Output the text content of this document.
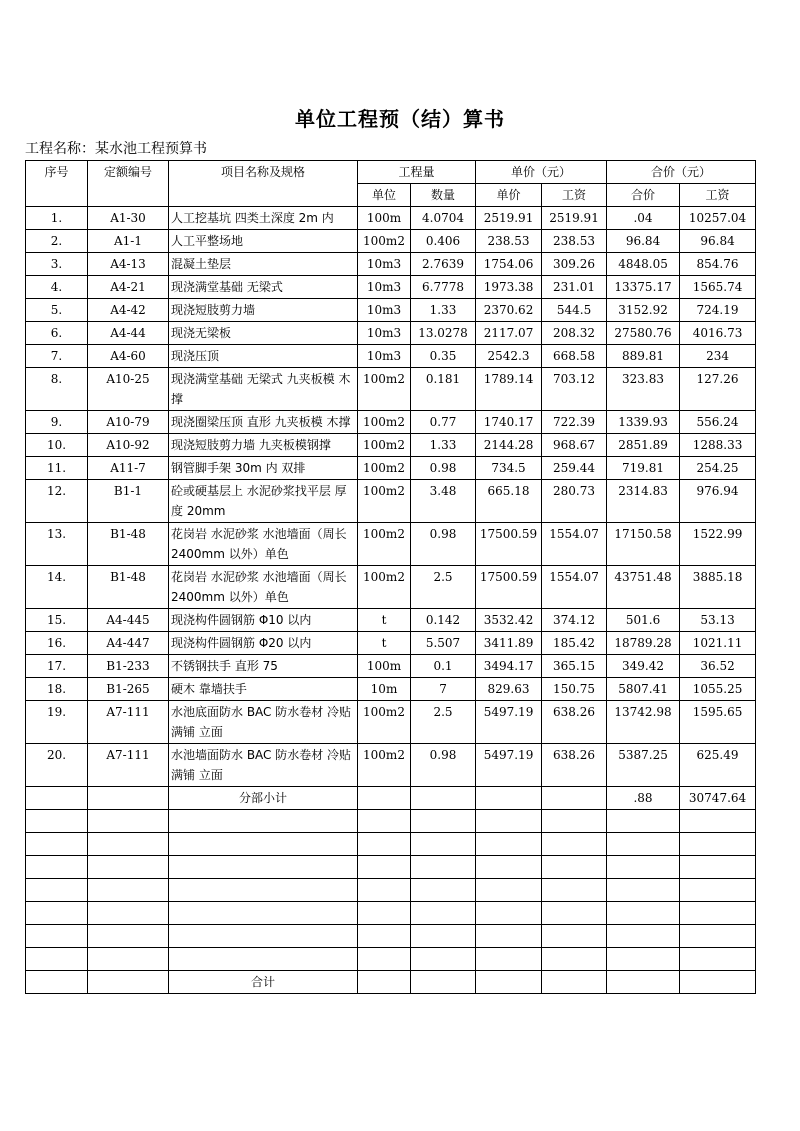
单位工程预（结）算书
工程名称：某水池工程预算书
序号	定额编号	项目名称及规格	工程量		单价（元）		合价（元）	
			单位	数量	单价	工资	合价	工资
1.	A1-30	人工挖基坑 四类土深度 2m 内	100m	4.0704	2519.91	2519.91	.04	10257.04
2.	A1-1	人工平整场地	100m2	0.406	238.53	238.53	96.84	96.84
3.	A4-13	混凝土垫层	10m3	2.7639	1754.06	309.26	4848.05	854.76
4.	A4-21	现浇满堂基础 无梁式	10m3	6.7778	1973.38	231.01	13375.17	1565.74
5.	A4-42	现浇短肢剪力墙	10m3	1.33	2370.62	544.5	3152.92	724.19
6.	A4-44	现浇无梁板	10m3	13.0278	2117.07	208.32	27580.76	4016.73
7.	A4-60	现浇压顶	10m3	0.35	2542.3	668.58	889.81	234
8.	A10-25	现浇满堂基础 无梁式 九夹板模 木撑	100m2	0.181	1789.14	703.12	323.83	127.26
9.	A10-79	现浇圈梁压顶 直形 九夹板模 木撑	100m2	0.77	1740.17	722.39	1339.93	556.24
10.	A10-92	现浇短肢剪力墙 九夹板模钢撑	100m2	1.33	2144.28	968.67	2851.89	1288.33
11.	A11-7	钢管脚手架 30m 内 双排	100m2	0.98	734.5	259.44	719.81	254.25
12.	B1-1	砼或硬基层上 水泥砂浆找平层 厚度 20mm	100m2	3.48	665.18	280.73	2314.83	976.94
13.	B1-48	花岗岩 水泥砂浆 水池墙面（周长 2400mm 以外）单色	100m2	0.98	17500.59	1554.07	17150.58	1522.99
14.	B1-48	花岗岩 水泥砂浆 水池墙面（周长 2400mm 以外）单色	100m2	2.5	17500.59	1554.07	43751.48	3885.18
15.	A4-445	现浇构件圆钢筋 Φ10 以内	t	0.142	3532.42	374.12	501.6	53.13
16.	A4-447	现浇构件圆钢筋 Φ20 以内	t	5.507	3411.89	185.42	18789.28	1021.11
17.	B1-233	不锈钢扶手 直形 75	100m	0.1	3494.17	365.15	349.42	36.52
18.	B1-265	硬木 靠墙扶手	10m	7	829.63	150.75	5807.41	1055.25
19.	A7-111	水池底面防水 BAC 防水卷材 冷贴满铺 立面	100m2	2.5	5497.19	638.26	13742.98	1595.65
20.	A7-111	水池墙面防水 BAC 防水卷材 冷贴满铺 立面	100m2	0.98	5497.19	638.26	5387.25	625.49
		分部小计					.88	30747.64

		合计						
